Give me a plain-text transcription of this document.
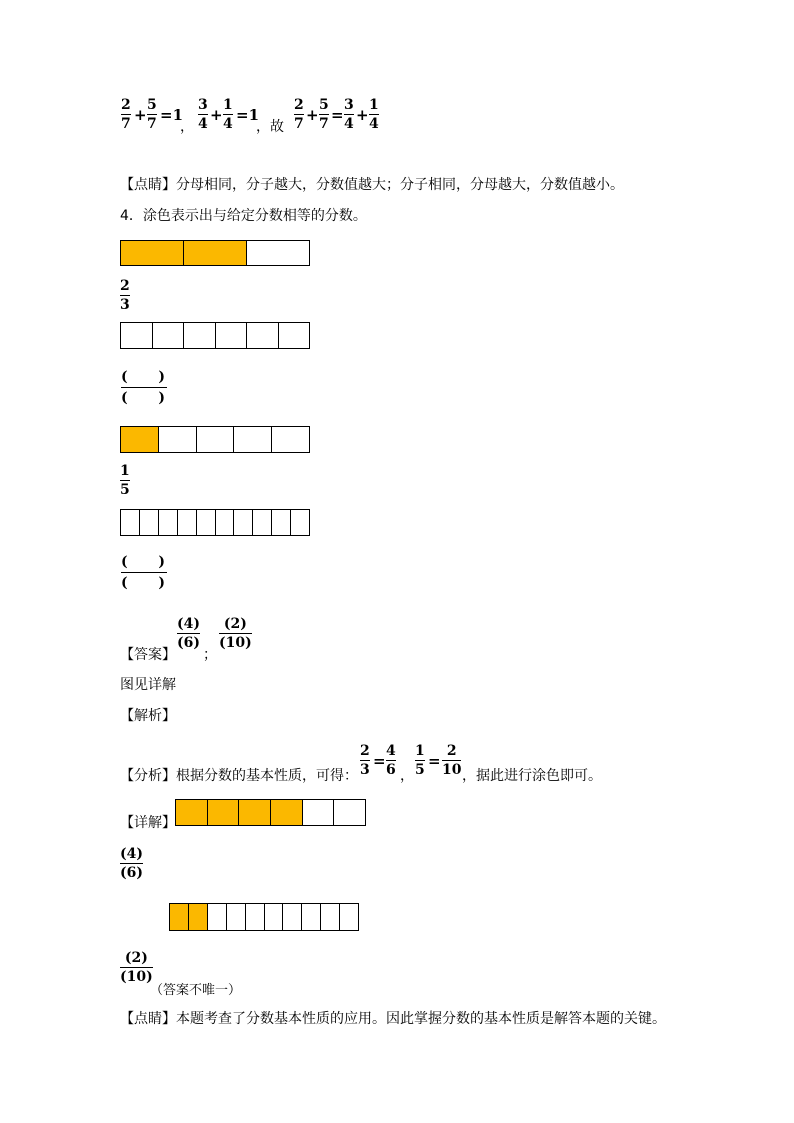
2
7 +
5
7 =1
，
3
4 +
1
4 =1
，故
2
7 +
5
7 =
3
4 +
1
4
【点睛】分母相同，分子越大，分数值越大；分子相同，分母越大，分数值越小。
4．涂色表示出与给定分数相等的分数。
2
3
( )
( )
1
5
( )
( )
【答案】
(4)
(6)
；
(2)
(10)
图见详解
【解析】
【分析】根据分数的基本性质，可得：
2
3 =
4
6 ，
1
5 =
2
10 ，据此进行涂色即可。
【详解】
(4)
(6)
(2)
(10)
（答案不唯一）
【点睛】本题考查了分数基本性质的应用。因此掌握分数的基本性质是解答本题的关键。
